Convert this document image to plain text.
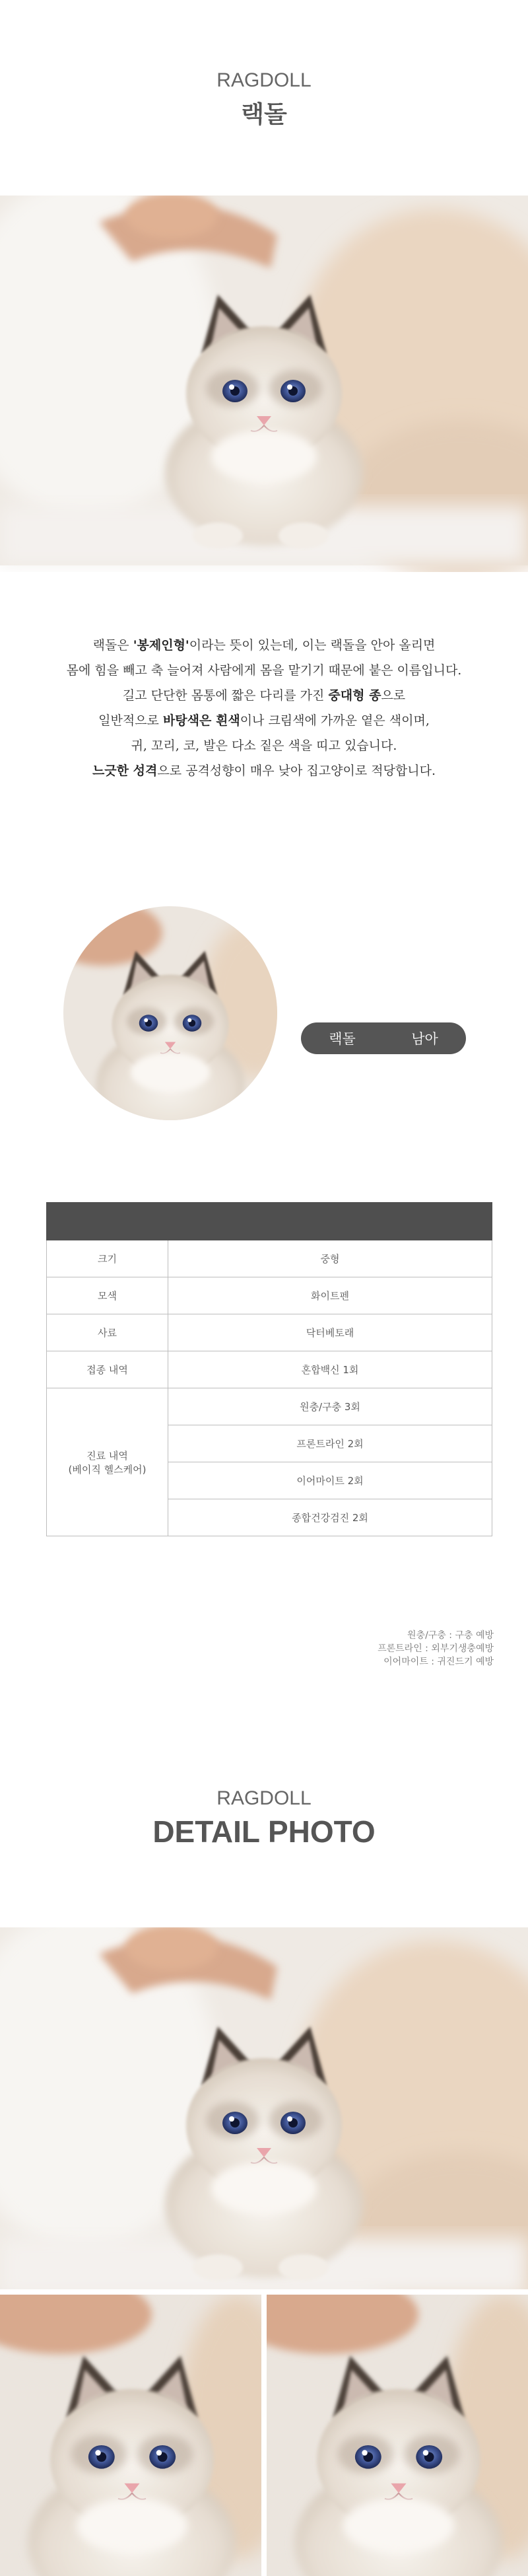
RAGDOLL
랙돌
랙돌은 '봉제인형'이라는 뜻이 있는데, 이는 랙돌을 안아 올리면
몸에 힘을 빼고 축 늘어져 사람에게 몸을 맡기기 때문에 붙은 이름입니다.
길고 단단한 몸통에 짧은 다리를 가진 중대형 종으로
일반적으로 바탕색은 흰색이나 크림색에 가까운 옅은 색이며,
귀, 꼬리, 코, 발은 다소 짙은 색을 띠고 있습니다.
느긋한 성격으로 공격성향이 매우 낮아 집고양이로 적당합니다.
랙돌	남아

크기	중형
모색	화이트펜
사료	닥터베토래
접종 내역	혼합백신 1회

진료 내역
(베이직 헬스케어)	원충/구충 3회
	프론트라인 2회
	이어마이트 2회
	종합건강검진 2회
원충/구충 : 구충 예방
프론트라인 : 외부기생충예방
이어마이트 : 귀진드기 예방
RAGDOLL
DETAIL PHOTO
